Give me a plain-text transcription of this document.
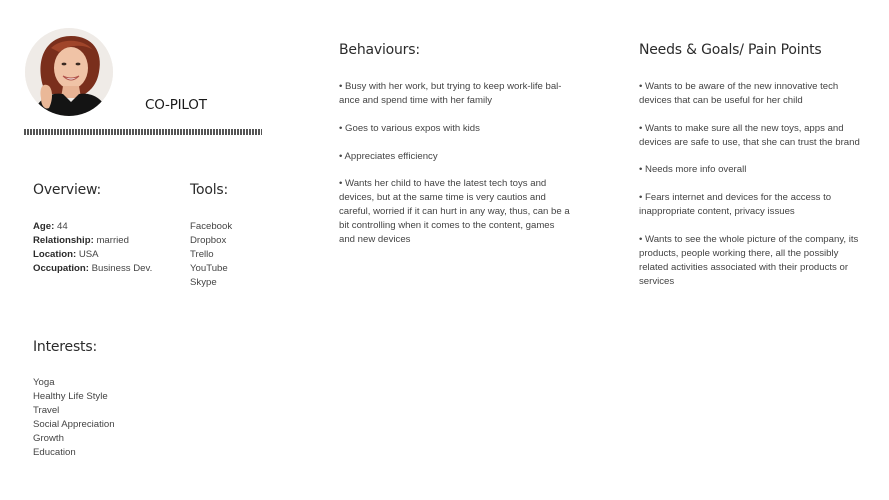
CO-PILOT
Overview:
Age: 44
Relationship: married
Location: USA
Occupation: Business Dev.
Tools:
Facebook
Dropbox
Trello
YouTube
Skype
Interests:
Yoga
Healthy Life Style
Travel
Social Appreciation
Growth
Education
Behaviours:
• Busy with her work, but trying to keep work-life bal-ance and spend time with her family
• Goes to various expos with kids
• Appreciates efficiency
• Wants her child to have the latest tech toys and devices, but at the same time is very cautios and careful, worried if it can hurt in any way, thus, can be a bit controlling when it comes to the content, games and new devices
Needs & Goals/ Pain Points
• Wants to be aware of the new innovative tech devices that can be useful for her child
• Wants to make sure all the new toys, apps and devices are safe to use, that she can trust the brand
• Needs more info overall
• Fears internet and devices for the access to inappropriate content, privacy issues
• Wants to see the whole picture of the company, its products, people working there, all the possibly related activities associated with their products or services
